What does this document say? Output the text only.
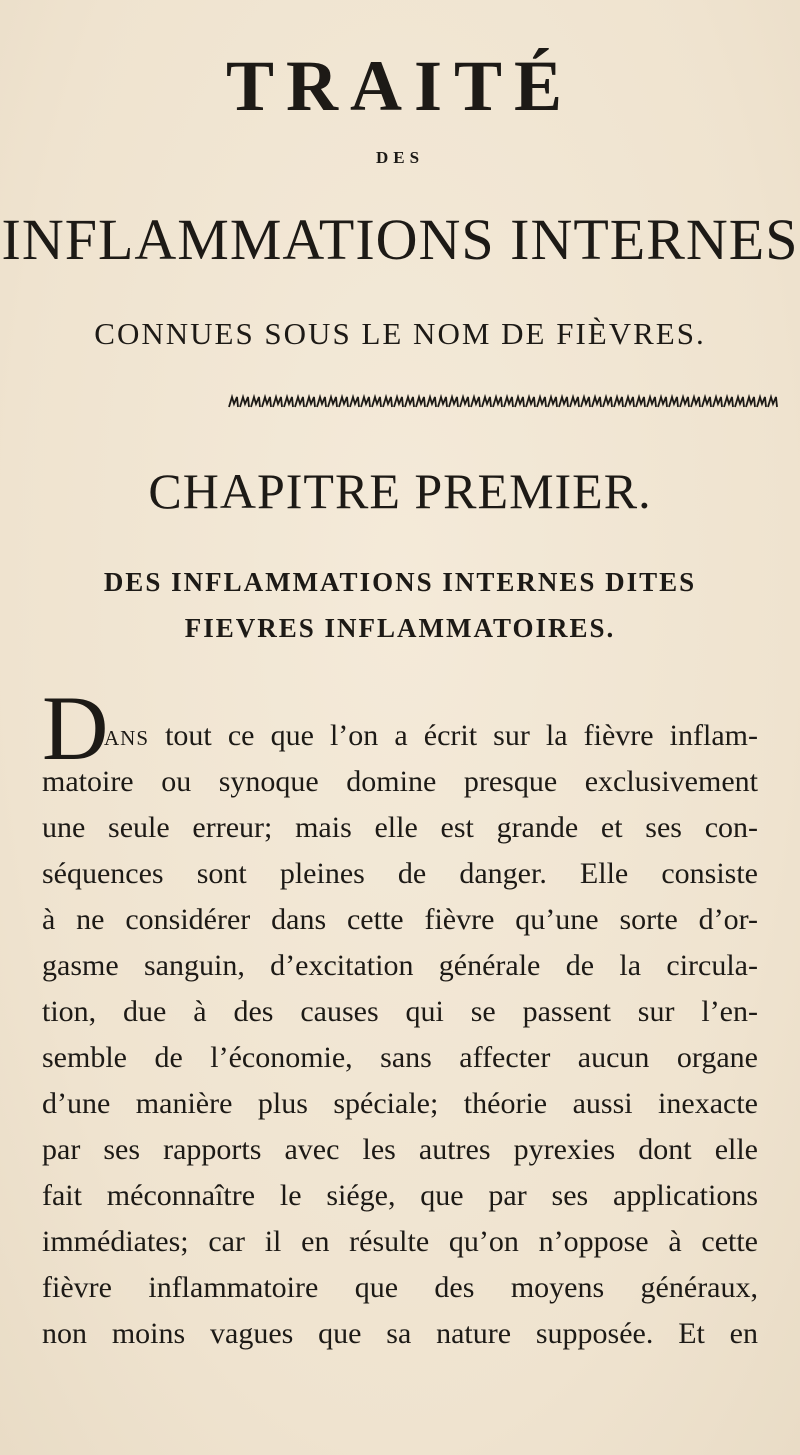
TRAITÉ
DES
INFLAMMATIONS INTERNES
CONNUES SOUS LE NOM DE FIÈVRES.
CHAPITRE PREMIER.
DES INFLAMMATIONS INTERNES DITES
FIEVRES INFLAMMATOIRES.
D
ans tout ce que l’on a écrit sur la fièvre inflam-
matoire ou synoque domine presque exclusivement
une seule erreur; mais elle est grande et ses con-
séquences sont pleines de danger. Elle consiste
à ne considérer dans cette fièvre qu’une sorte d’or-
gasme sanguin, d’excitation générale de la circula-
tion, due à des causes qui se passent sur l’en-
semble de l’économie, sans affecter aucun organe
d’une manière plus spéciale; théorie aussi inexacte
par ses rapports avec les autres pyrexies dont elle
fait méconnaître le siége, que par ses applications
immédiates; car il en résulte qu’on n’oppose à cette
fièvre inflammatoire que des moyens généraux,
non moins vagues que sa nature supposée. Et en
